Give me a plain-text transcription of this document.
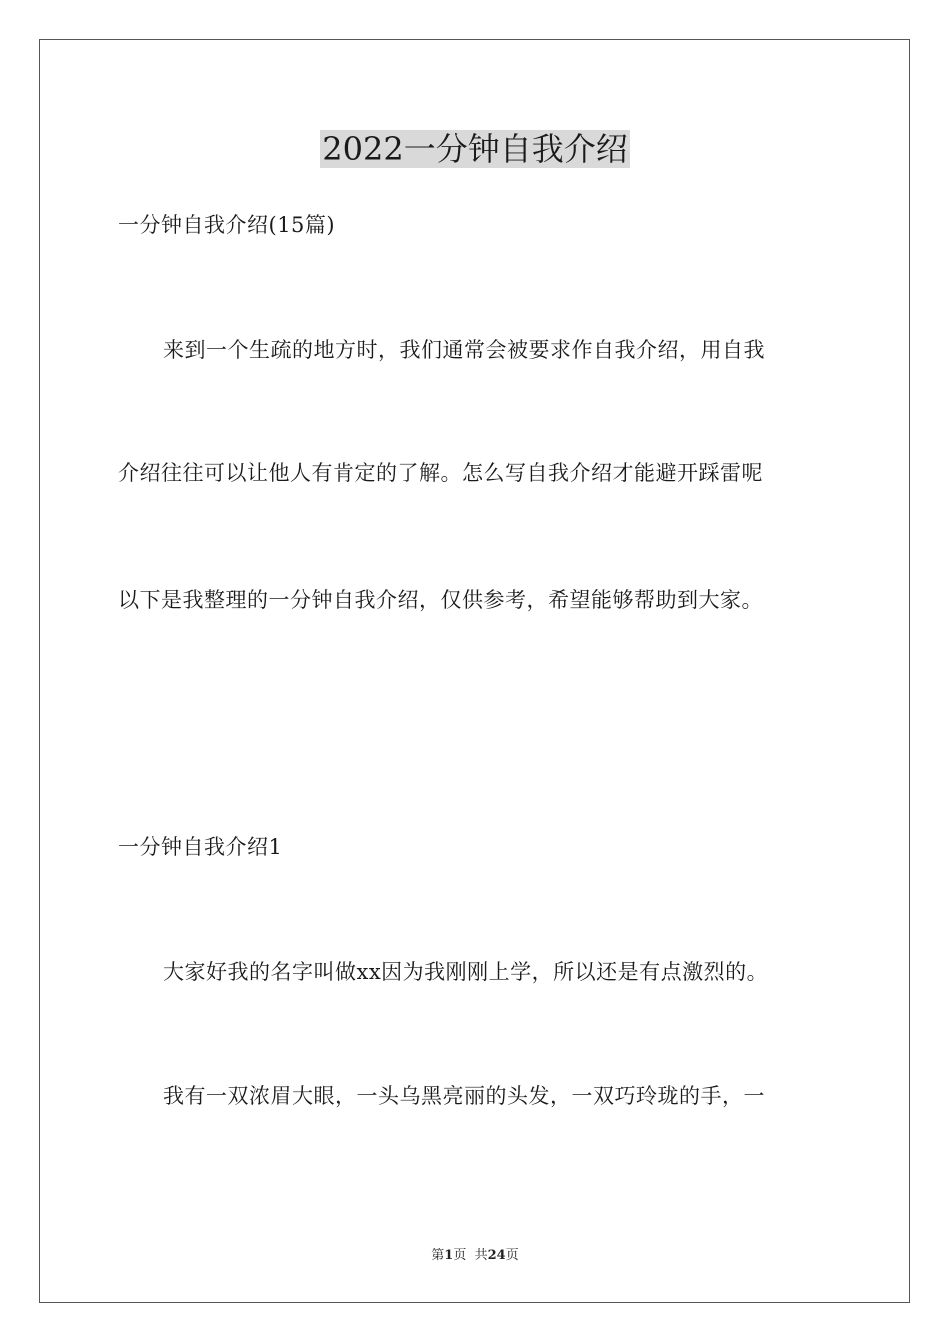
2022一分钟自我介绍

一分钟自我介绍(15篇)

来到一个生疏的地方时，我们通常会被要求作自我介绍，用自我

介绍往往可以让他人有肯定的了解。怎么写自我介绍才能避开踩雷呢

以下是我整理的一分钟自我介绍，仅供参考，希望能够帮助到大家。

一分钟自我介绍1

大家好我的名字叫做xx因为我刚刚上学，所以还是有点激烈的。

我有一双浓眉大眼，一头乌黑亮丽的头发，一双巧玲珑的手，一

第1页  共24页
